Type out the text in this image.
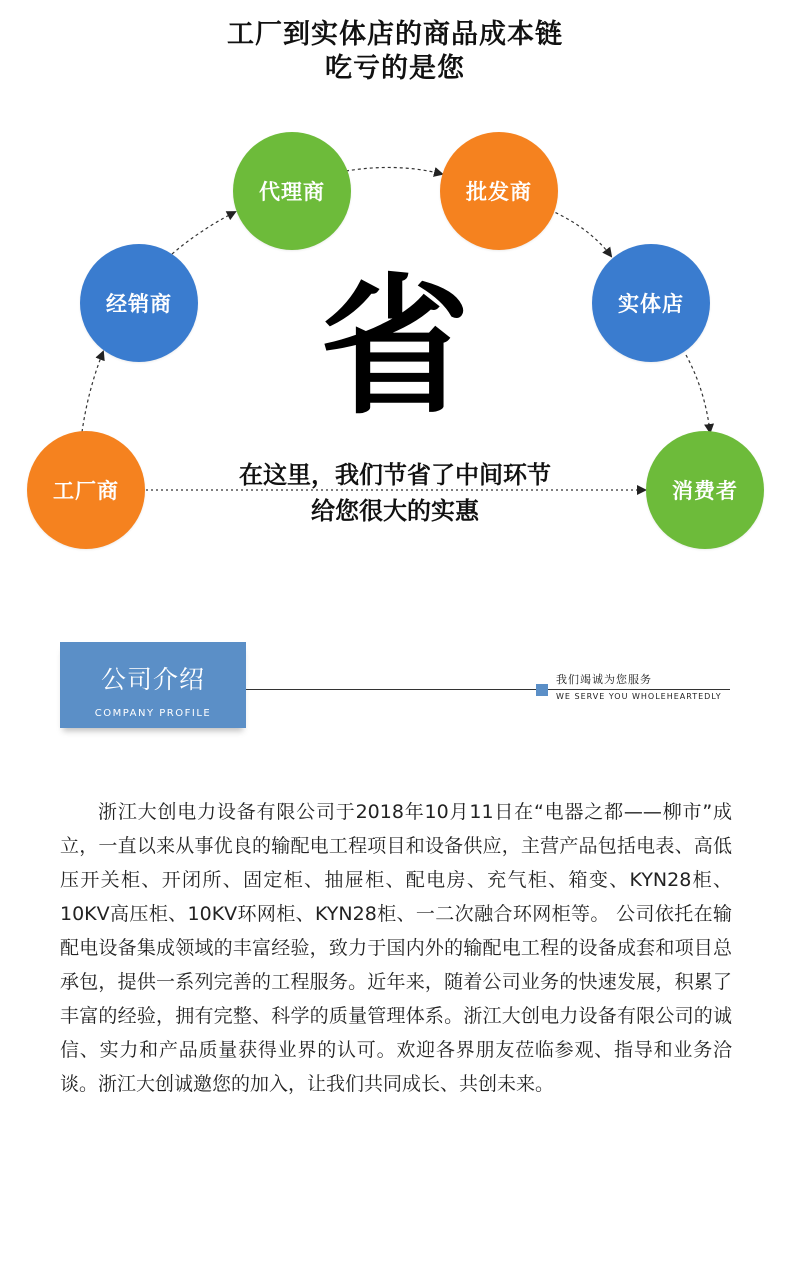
工厂到实体店的商品成本链
吃亏的是您
工厂商
经销商
代理商	批发商
实体店
消费者
省
在这里，我们节省了中间环节
给您很大的实惠
公司介绍
COMPANY PROFILE
我们竭诚为您服务
WE SERVE YOU WHOLEHEARTEDLY

浙江大创电力设备有限公司于2018年10月11日在“电器之都——柳市”成立，一直以来从事优良的输配电工程项目和设备供应，主营产品包括电表、高低压开关柜、开闭所、固定柜、抽屉柜、配电房、充气柜、箱变、KYN28柜、10KV高压柜、10KV环网柜、KYN28柜、一二次融合环网柜等。 公司依托在输配电设备集成领域的丰富经验，致力于国内外的输配电工程的设备成套和项目总承包，提供一系列完善的工程服务。近年来，随着公司业务的快速发展，积累了丰富的经验，拥有完整、科学的质量管理体系。浙江大创电力设备有限公司的诚信、实力和产品质量获得业界的认可。欢迎各界朋友莅临参观、指导和业务洽谈。浙江大创诚邀您的加入，让我们共同成长、共创未来。
